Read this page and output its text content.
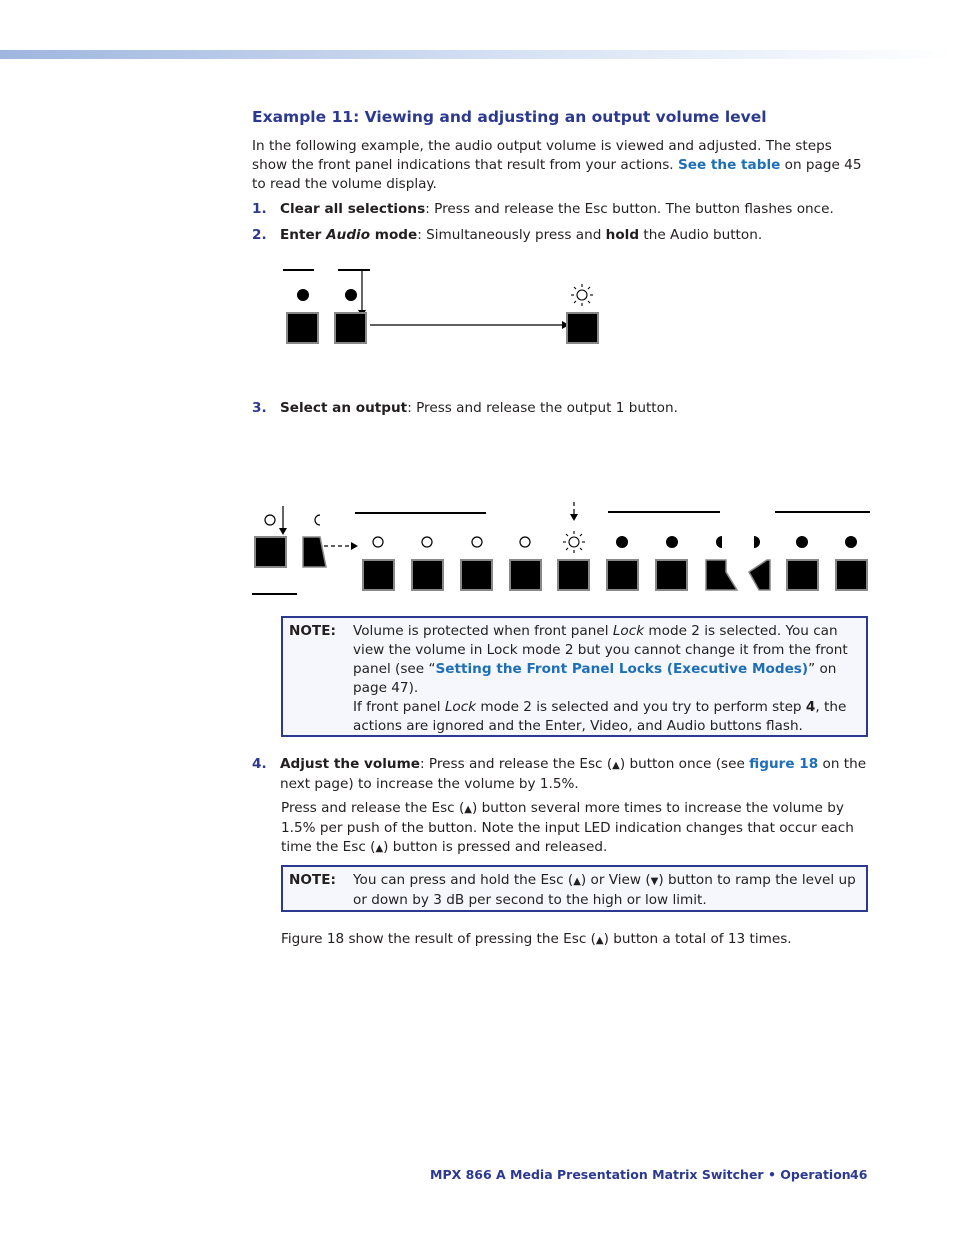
Example 11: Viewing and adjusting an output volume level
In the following example, the audio output volume is viewed and adjusted. The steps show the front panel indications that result from your actions. See the table on page 45 to read the volume display.
1. Clear all selections: Press and release the Esc button. The button flashes once.
2. Enter Audio mode: Simultaneously press and hold the Audio button.
3. Select an output: Press and release the output 1 button.
NOTE: Volume is protected when front panel Lock mode 2 is selected. You can view the volume in Lock mode 2 but you cannot change it from the front panel (see “Setting the Front Panel Locks (Executive Modes)” on page 47).
If front panel Lock mode 2 is selected and you try to perform step 4, the actions are ignored and the Enter, Video, and Audio buttons flash.
4. Adjust the volume: Press and release the Esc (▲) button once (see figure 18 on the next page) to increase the volume by 1.5%.
Press and release the Esc (▲) button several more times to increase the volume by 1.5% per push of the button. Note the input LED indication changes that occur each time the Esc (▲) button is pressed and released.
NOTE: You can press and hold the Esc (▲) or View (▼) button to ramp the level up or down by 3 dB per second to the high or low limit.
Figure 18 show the result of pressing the Esc (▲) button a total of 13 times.
MPX 866 A Media Presentation Matrix Switcher • Operation 46
